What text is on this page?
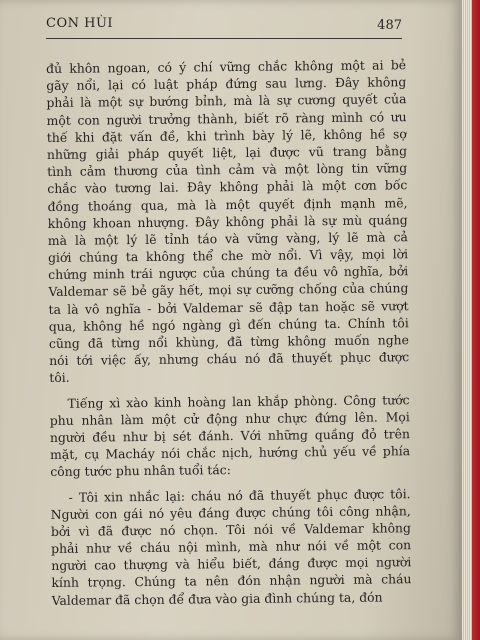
CON HÙI	487
đủ khôn ngoan, có ý chí vững chắc không một ai bẻ
gãy nổi, lại có luật pháp đứng sau lưng. Đây không
phải là một sự bướng bỉnh, mà là sự cương quyết của
một con người trưởng thành, biết rõ ràng mình có ưu
thế khi đặt vấn đề, khi trình bày lý lẽ, không hề sợ
những giải pháp quyết liệt, lại được vũ trang bằng
tình cảm thương của tình cảm và một lòng tin vững
chắc vào tương lai. Đây không phải là một cơn bốc
đồng thoáng qua, mà là một quyết định mạnh mẽ,
không khoan nhượng. Đây không phải là sự mù quáng
mà là một lý lẽ tỉnh táo và vững vàng, lý lẽ mà cả
giới chúng ta không thể che mờ nổi. Vì vậy, mọi lời
chứng minh trái ngược của chúng ta đều vô nghĩa, bởi
Valdemar sẽ bẻ gãy hết, mọi sự cưỡng chống của chúng
ta là vô nghĩa - bởi Valdemar sẽ đập tan hoặc sẽ vượt
qua, không hề ngó ngàng gì đến chúng ta. Chính tôi
cũng đã từng nổi khùng, đã từng không muốn nghe
nói tới việc ấy, nhưng cháu nó đã thuyết phục được
tôi.
Tiếng xì xào kinh hoàng lan khắp phòng. Công tước
phu nhân làm một cử động như chực đứng lên. Mọi
người đều như bị sét đánh. Với những quầng đỏ trên
mặt, cụ Macháy nói chắc nịch, hướng chủ yếu về phía
công tước phu nhân tuổi tác:
- Tôi xin nhắc lại: cháu nó đã thuyết phục được tôi.
Người con gái nó yêu đáng được chúng tôi công nhận,
bởi vì đã được nó chọn. Tôi nói về Valdemar không
phải như về cháu nội mình, mà như nói về một con
người cao thượng và hiểu biết, đáng được mọi người
kính trọng. Chúng ta nên đón nhận người mà cháu
Valdemar đã chọn để đưa vào gia đình chúng ta, đón
